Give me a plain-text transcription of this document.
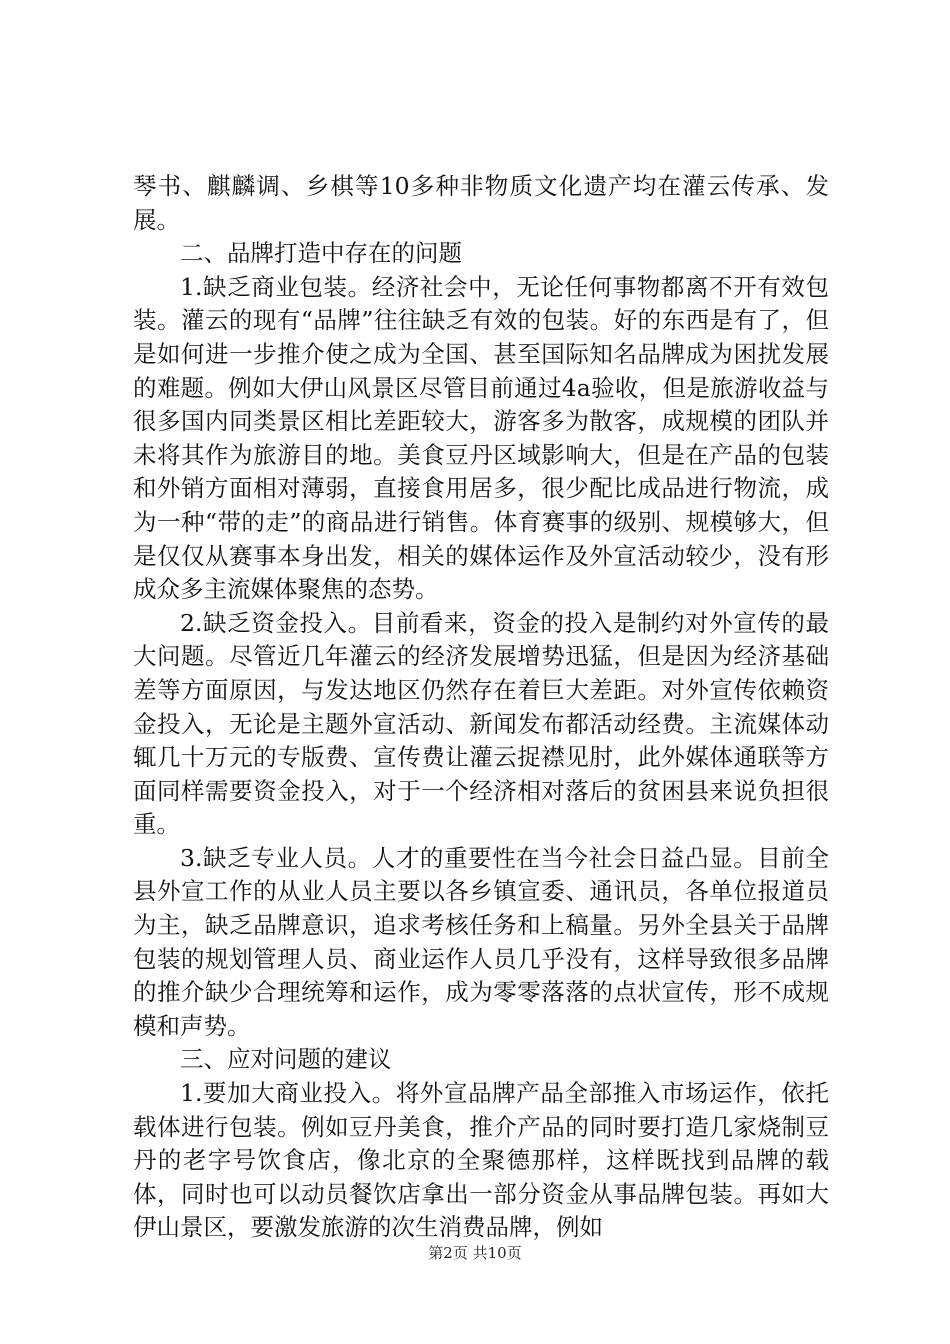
琴书、麒麟调、乡棋等10多种非物质文化遗产均在灌云传承、发展。

二、品牌打造中存在的问题

1.缺乏商业包装。经济社会中，无论任何事物都离不开有效包装。灌云的现有“品牌”往往缺乏有效的包装。好的东西是有了，但是如何进一步推介使之成为全国、甚至国际知名品牌成为困扰发展的难题。例如大伊山风景区尽管目前通过4a验收，但是旅游收益与很多国内同类景区相比差距较大，游客多为散客，成规模的团队并未将其作为旅游目的地。美食豆丹区域影响大，但是在产品的包装和外销方面相对薄弱，直接食用居多，很少配比成品进行物流，成为一种“带的走”的商品进行销售。体育赛事的级别、规模够大，但是仅仅从赛事本身出发，相关的媒体运作及外宣活动较少，没有形成众多主流媒体聚焦的态势。

2.缺乏资金投入。目前看来，资金的投入是制约对外宣传的最大问题。尽管近几年灌云的经济发展增势迅猛，但是因为经济基础差等方面原因，与发达地区仍然存在着巨大差距。对外宣传依赖资金投入，无论是主题外宣活动、新闻发布都活动经费。主流媒体动辄几十万元的专版费、宣传费让灌云捉襟见肘，此外媒体通联等方面同样需要资金投入，对于一个经济相对落后的贫困县来说负担很重。

3.缺乏专业人员。人才的重要性在当今社会日益凸显。目前全县外宣工作的从业人员主要以各乡镇宣委、通讯员，各单位报道员为主，缺乏品牌意识，追求考核任务和上稿量。另外全县关于品牌包装的规划管理人员、商业运作人员几乎没有，这样导致很多品牌的推介缺少合理统筹和运作，成为零零落落的点状宣传，形不成规模和声势。

三、应对问题的建议

1.要加大商业投入。将外宣品牌产品全部推入市场运作，依托载体进行包装。例如豆丹美食，推介产品的同时要打造几家烧制豆丹的老字号饮食店，像北京的全聚德那样，这样既找到品牌的载体，同时也可以动员餐饮店拿出一部分资金从事品牌包装。再如大伊山景区，要激发旅游的次生消费品牌，例如

第2页 共10页
